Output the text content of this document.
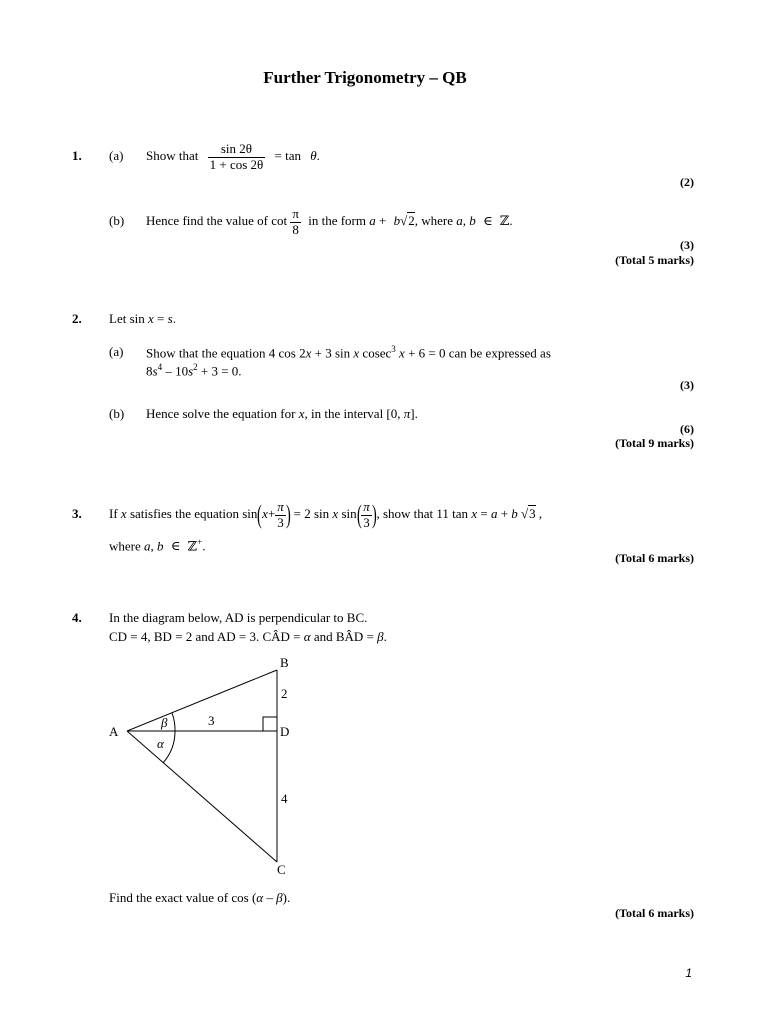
Further Trigonometry – QB
1. (a) Show that $\frac{\sin 2\theta}{1 + \cos 2\theta} = \tan \theta$.
(2)
(b) Hence find the value of $\cot \frac{\pi}{8}$ in the form a + b√2, where a, b ∈ ℤ.
(3)
(Total 5 marks)
2. Let sin x = s.
(a) Show that the equation 4 cos 2x + 3 sin x cosec$^3$ x + 6 = 0 can be expressed as
$8s^4 - 10s^2 + 3 = 0$.
(3)
(b) Hence solve the equation for x, in the interval [0, π].
(6)
(Total 9 marks)
3. If x satisfies the equation $\sin(x+ \frac{\pi}{3}$ ) = 2 sin x $\sin( \frac{\pi}{3}$ ), show that 11 tan x = a + b √3 ,
where a, b ∈ ℤ+.
(Total 6 marks)
4. In the diagram below, AD is perpendicular to BC.
CD = 4, BD = 2 and AD = 3. CÂD = α and BÂD = β.
B
A	D
C
2
3
4
β
α
Find the exact value of cos (α – β).
(Total 6 marks)
1
